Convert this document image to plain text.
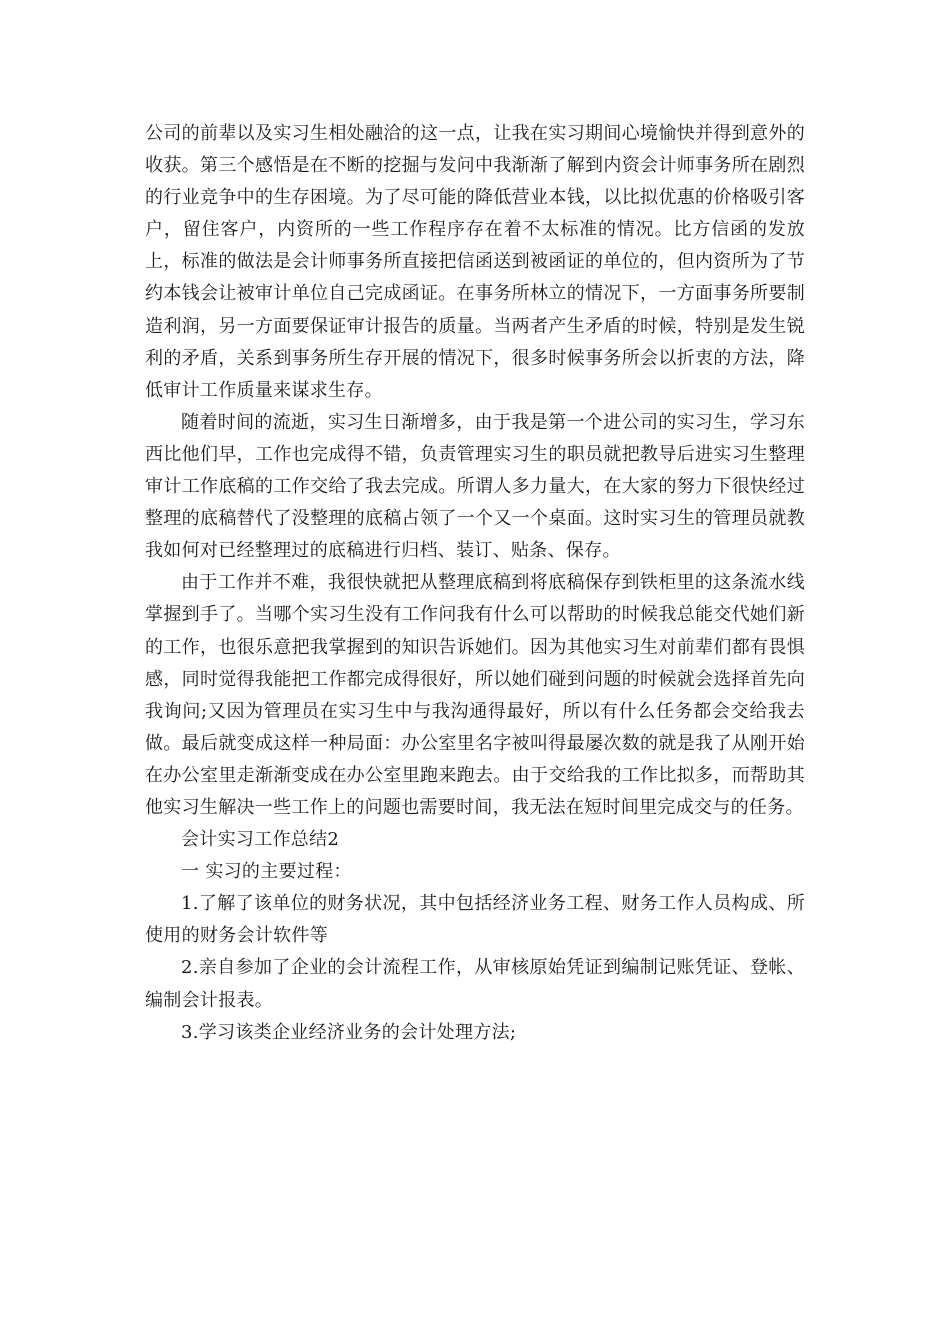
公司的前辈以及实习生相处融洽的这一点，让我在实习期间心境愉快并得到意外的收获。第三个感悟是在不断的挖掘与发问中我渐渐了解到内资会计师事务所在剧烈的行业竞争中的生存困境。为了尽可能的降低营业本钱，以比拟优惠的价格吸引客户，留住客户，内资所的一些工作程序存在着不太标准的情况。比方信函的发放上，标准的做法是会计师事务所直接把信函送到被函证的单位的，但内资所为了节约本钱会让被审计单位自己完成函证。在事务所林立的情况下，一方面事务所要制造利润，另一方面要保证审计报告的质量。当两者产生矛盾的时候，特别是发生锐利的矛盾，关系到事务所生存开展的情况下，很多时候事务所会以折衷的方法，降低审计工作质量来谋求生存。

随着时间的流逝，实习生日渐增多，由于我是第一个进公司的实习生，学习东西比他们早，工作也完成得不错，负责管理实习生的职员就把教导后进实习生整理审计工作底稿的工作交给了我去完成。所谓人多力量大，在大家的努力下很快经过整理的底稿替代了没整理的底稿占领了一个又一个桌面。这时实习生的管理员就教我如何对已经整理过的底稿进行归档、装订、贴条、保存。

由于工作并不难，我很快就把从整理底稿到将底稿保存到铁柜里的这条流水线掌握到手了。当哪个实习生没有工作问我有什么可以帮助的时候我总能交代她们新的工作，也很乐意把我掌握到的知识告诉她们。因为其他实习生对前辈们都有畏惧感，同时觉得我能把工作都完成得很好，所以她们碰到问题的时候就会选择首先向我询问;又因为管理员在实习生中与我沟通得最好，所以有什么任务都会交给我去做。最后就变成这样一种局面：办公室里名字被叫得最屡次数的就是我了从刚开始在办公室里走渐渐变成在办公室里跑来跑去。由于交给我的工作比拟多，而帮助其他实习生解决一些工作上的问题也需要时间，我无法在短时间里完成交与的任务。

会计实习工作总结2

一 实习的主要过程：

1.了解了该单位的财务状况，其中包括经济业务工程、财务工作人员构成、所使用的财务会计软件等

2.亲自参加了企业的会计流程工作，从审核原始凭证到编制记账凭证、登帐、编制会计报表。

3.学习该类企业经济业务的会计处理方法;
